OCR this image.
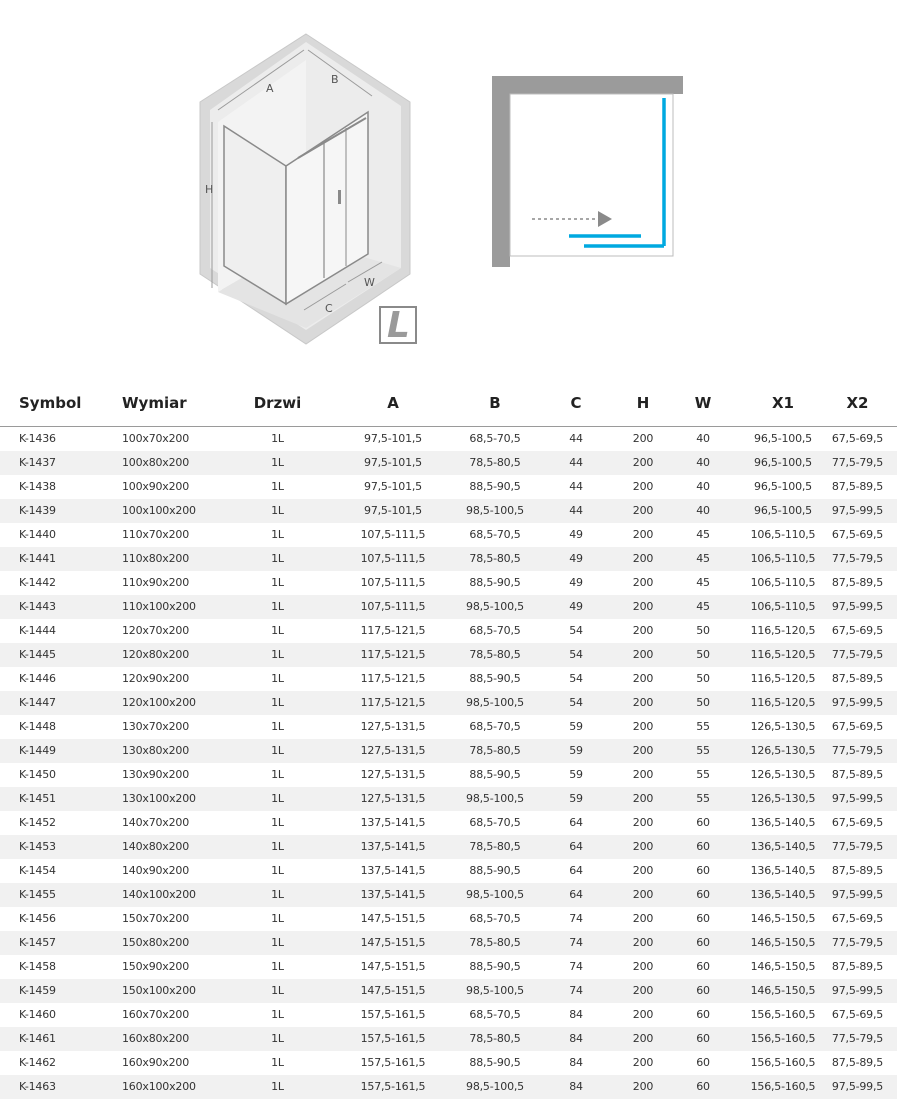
A
B
H
W
C L
Symbol	Wymiar	Drzwi	A	B	C	H	W	X1	X2
K-1436	100x70x200	1L	97,5-101,5	68,5-70,5	44	200	40	96,5-100,5	67,5-69,5
K-1437	100x80x200	1L	97,5-101,5	78,5-80,5	44	200	40	96,5-100,5	77,5-79,5
K-1438	100x90x200	1L	97,5-101,5	88,5-90,5	44	200	40	96,5-100,5	87,5-89,5
K-1439	100x100x200	1L	97,5-101,5	98,5-100,5	44	200	40	96,5-100,5	97,5-99,5
K-1440	110x70x200	1L	107,5-111,5	68,5-70,5	49	200	45	106,5-110,5	67,5-69,5
K-1441	110x80x200	1L	107,5-111,5	78,5-80,5	49	200	45	106,5-110,5	77,5-79,5
K-1442	110x90x200	1L	107,5-111,5	88,5-90,5	49	200	45	106,5-110,5	87,5-89,5
K-1443	110x100x200	1L	107,5-111,5	98,5-100,5	49	200	45	106,5-110,5	97,5-99,5
K-1444	120x70x200	1L	117,5-121,5	68,5-70,5	54	200	50	116,5-120,5	67,5-69,5
K-1445	120x80x200	1L	117,5-121,5	78,5-80,5	54	200	50	116,5-120,5	77,5-79,5
K-1446	120x90x200	1L	117,5-121,5	88,5-90,5	54	200	50	116,5-120,5	87,5-89,5
K-1447	120x100x200	1L	117,5-121,5	98,5-100,5	54	200	50	116,5-120,5	97,5-99,5
K-1448	130x70x200	1L	127,5-131,5	68,5-70,5	59	200	55	126,5-130,5	67,5-69,5
K-1449	130x80x200	1L	127,5-131,5	78,5-80,5	59	200	55	126,5-130,5	77,5-79,5
K-1450	130x90x200	1L	127,5-131,5	88,5-90,5	59	200	55	126,5-130,5	87,5-89,5
K-1451	130x100x200	1L	127,5-131,5	98,5-100,5	59	200	55	126,5-130,5	97,5-99,5
K-1452	140x70x200	1L	137,5-141,5	68,5-70,5	64	200	60	136,5-140,5	67,5-69,5
K-1453	140x80x200	1L	137,5-141,5	78,5-80,5	64	200	60	136,5-140,5	77,5-79,5
K-1454	140x90x200	1L	137,5-141,5	88,5-90,5	64	200	60	136,5-140,5	87,5-89,5
K-1455	140x100x200	1L	137,5-141,5	98,5-100,5	64	200	60	136,5-140,5	97,5-99,5
K-1456	150x70x200	1L	147,5-151,5	68,5-70,5	74	200	60	146,5-150,5	67,5-69,5
K-1457	150x80x200	1L	147,5-151,5	78,5-80,5	74	200	60	146,5-150,5	77,5-79,5
K-1458	150x90x200	1L	147,5-151,5	88,5-90,5	74	200	60	146,5-150,5	87,5-89,5
K-1459	150x100x200	1L	147,5-151,5	98,5-100,5	74	200	60	146,5-150,5	97,5-99,5
K-1460	160x70x200	1L	157,5-161,5	68,5-70,5	84	200	60	156,5-160,5	67,5-69,5
K-1461	160x80x200	1L	157,5-161,5	78,5-80,5	84	200	60	156,5-160,5	77,5-79,5
K-1462	160x90x200	1L	157,5-161,5	88,5-90,5	84	200	60	156,5-160,5	87,5-89,5
K-1463	160x100x200	1L	157,5-161,5	98,5-100,5	84	200	60	156,5-160,5	97,5-99,5
